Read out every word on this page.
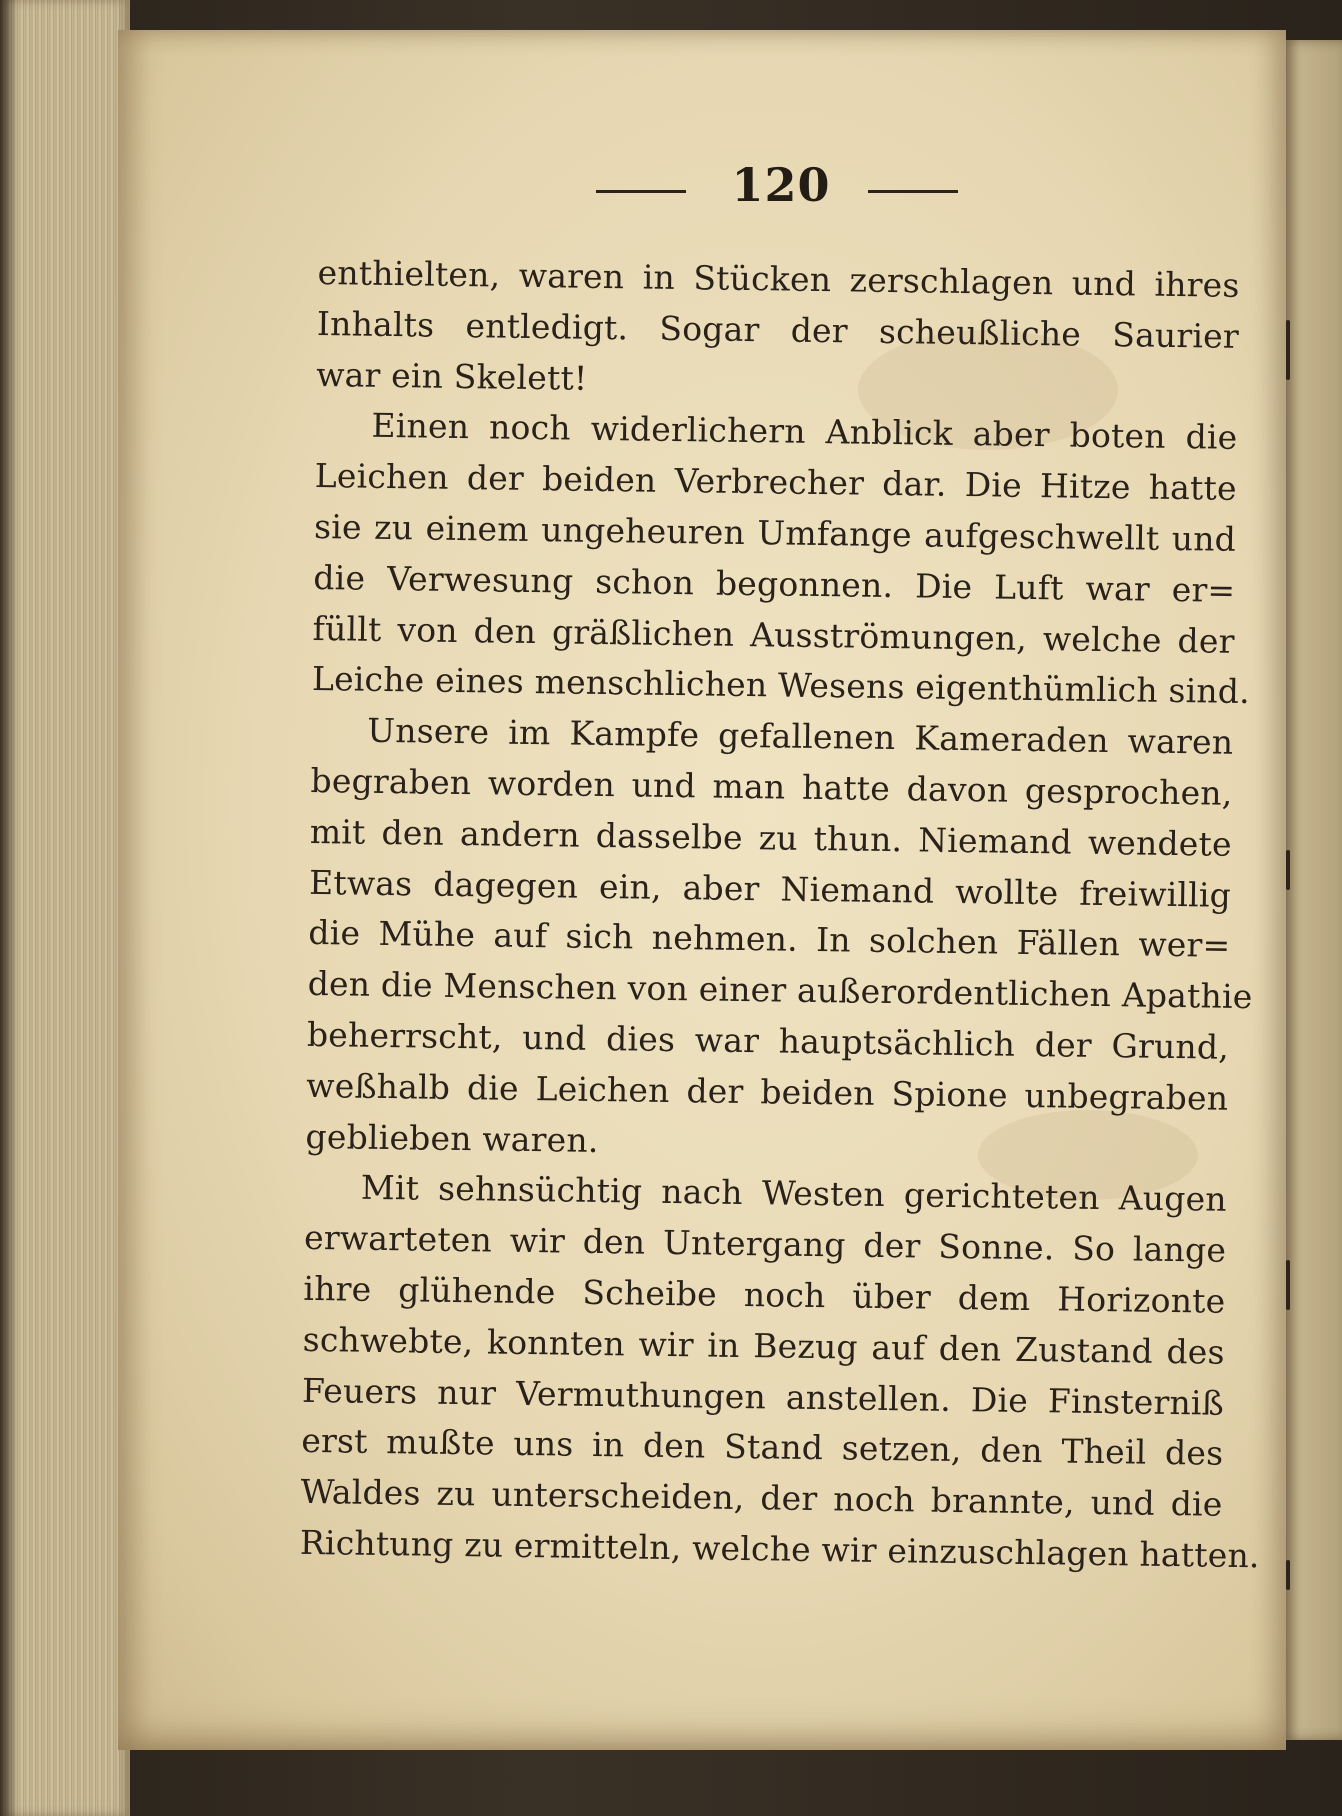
120
enthielten, waren in Stücken zerschlagen und ihres
Inhalts entledigt. Sogar der scheußliche Saurier
war ein Skelett!
Einen noch widerlichern Anblick aber boten die
Leichen der beiden Verbrecher dar. Die Hitze hatte
sie zu einem ungeheuren Umfange aufgeschwellt und
die Verwesung schon begonnen. Die Luft war er=
füllt von den gräßlichen Ausströmungen, welche der
Leiche eines menschlichen Wesens eigenthümlich sind.
Unsere im Kampfe gefallenen Kameraden waren
begraben worden und man hatte davon gesprochen,
mit den andern dasselbe zu thun. Niemand wendete
Etwas dagegen ein, aber Niemand wollte freiwillig
die Mühe auf sich nehmen. In solchen Fällen wer=
den die Menschen von einer außerordentlichen Apathie
beherrscht, und dies war hauptsächlich der Grund,
weßhalb die Leichen der beiden Spione unbegraben
geblieben waren.
Mit sehnsüchtig nach Westen gerichteten Augen
erwarteten wir den Untergang der Sonne. So lange
ihre glühende Scheibe noch über dem Horizonte
schwebte, konnten wir in Bezug auf den Zustand des
Feuers nur Vermuthungen anstellen. Die Finsterniß
erst mußte uns in den Stand setzen, den Theil des
Waldes zu unterscheiden, der noch brannte, und die
Richtung zu ermitteln, welche wir einzuschlagen hatten.
